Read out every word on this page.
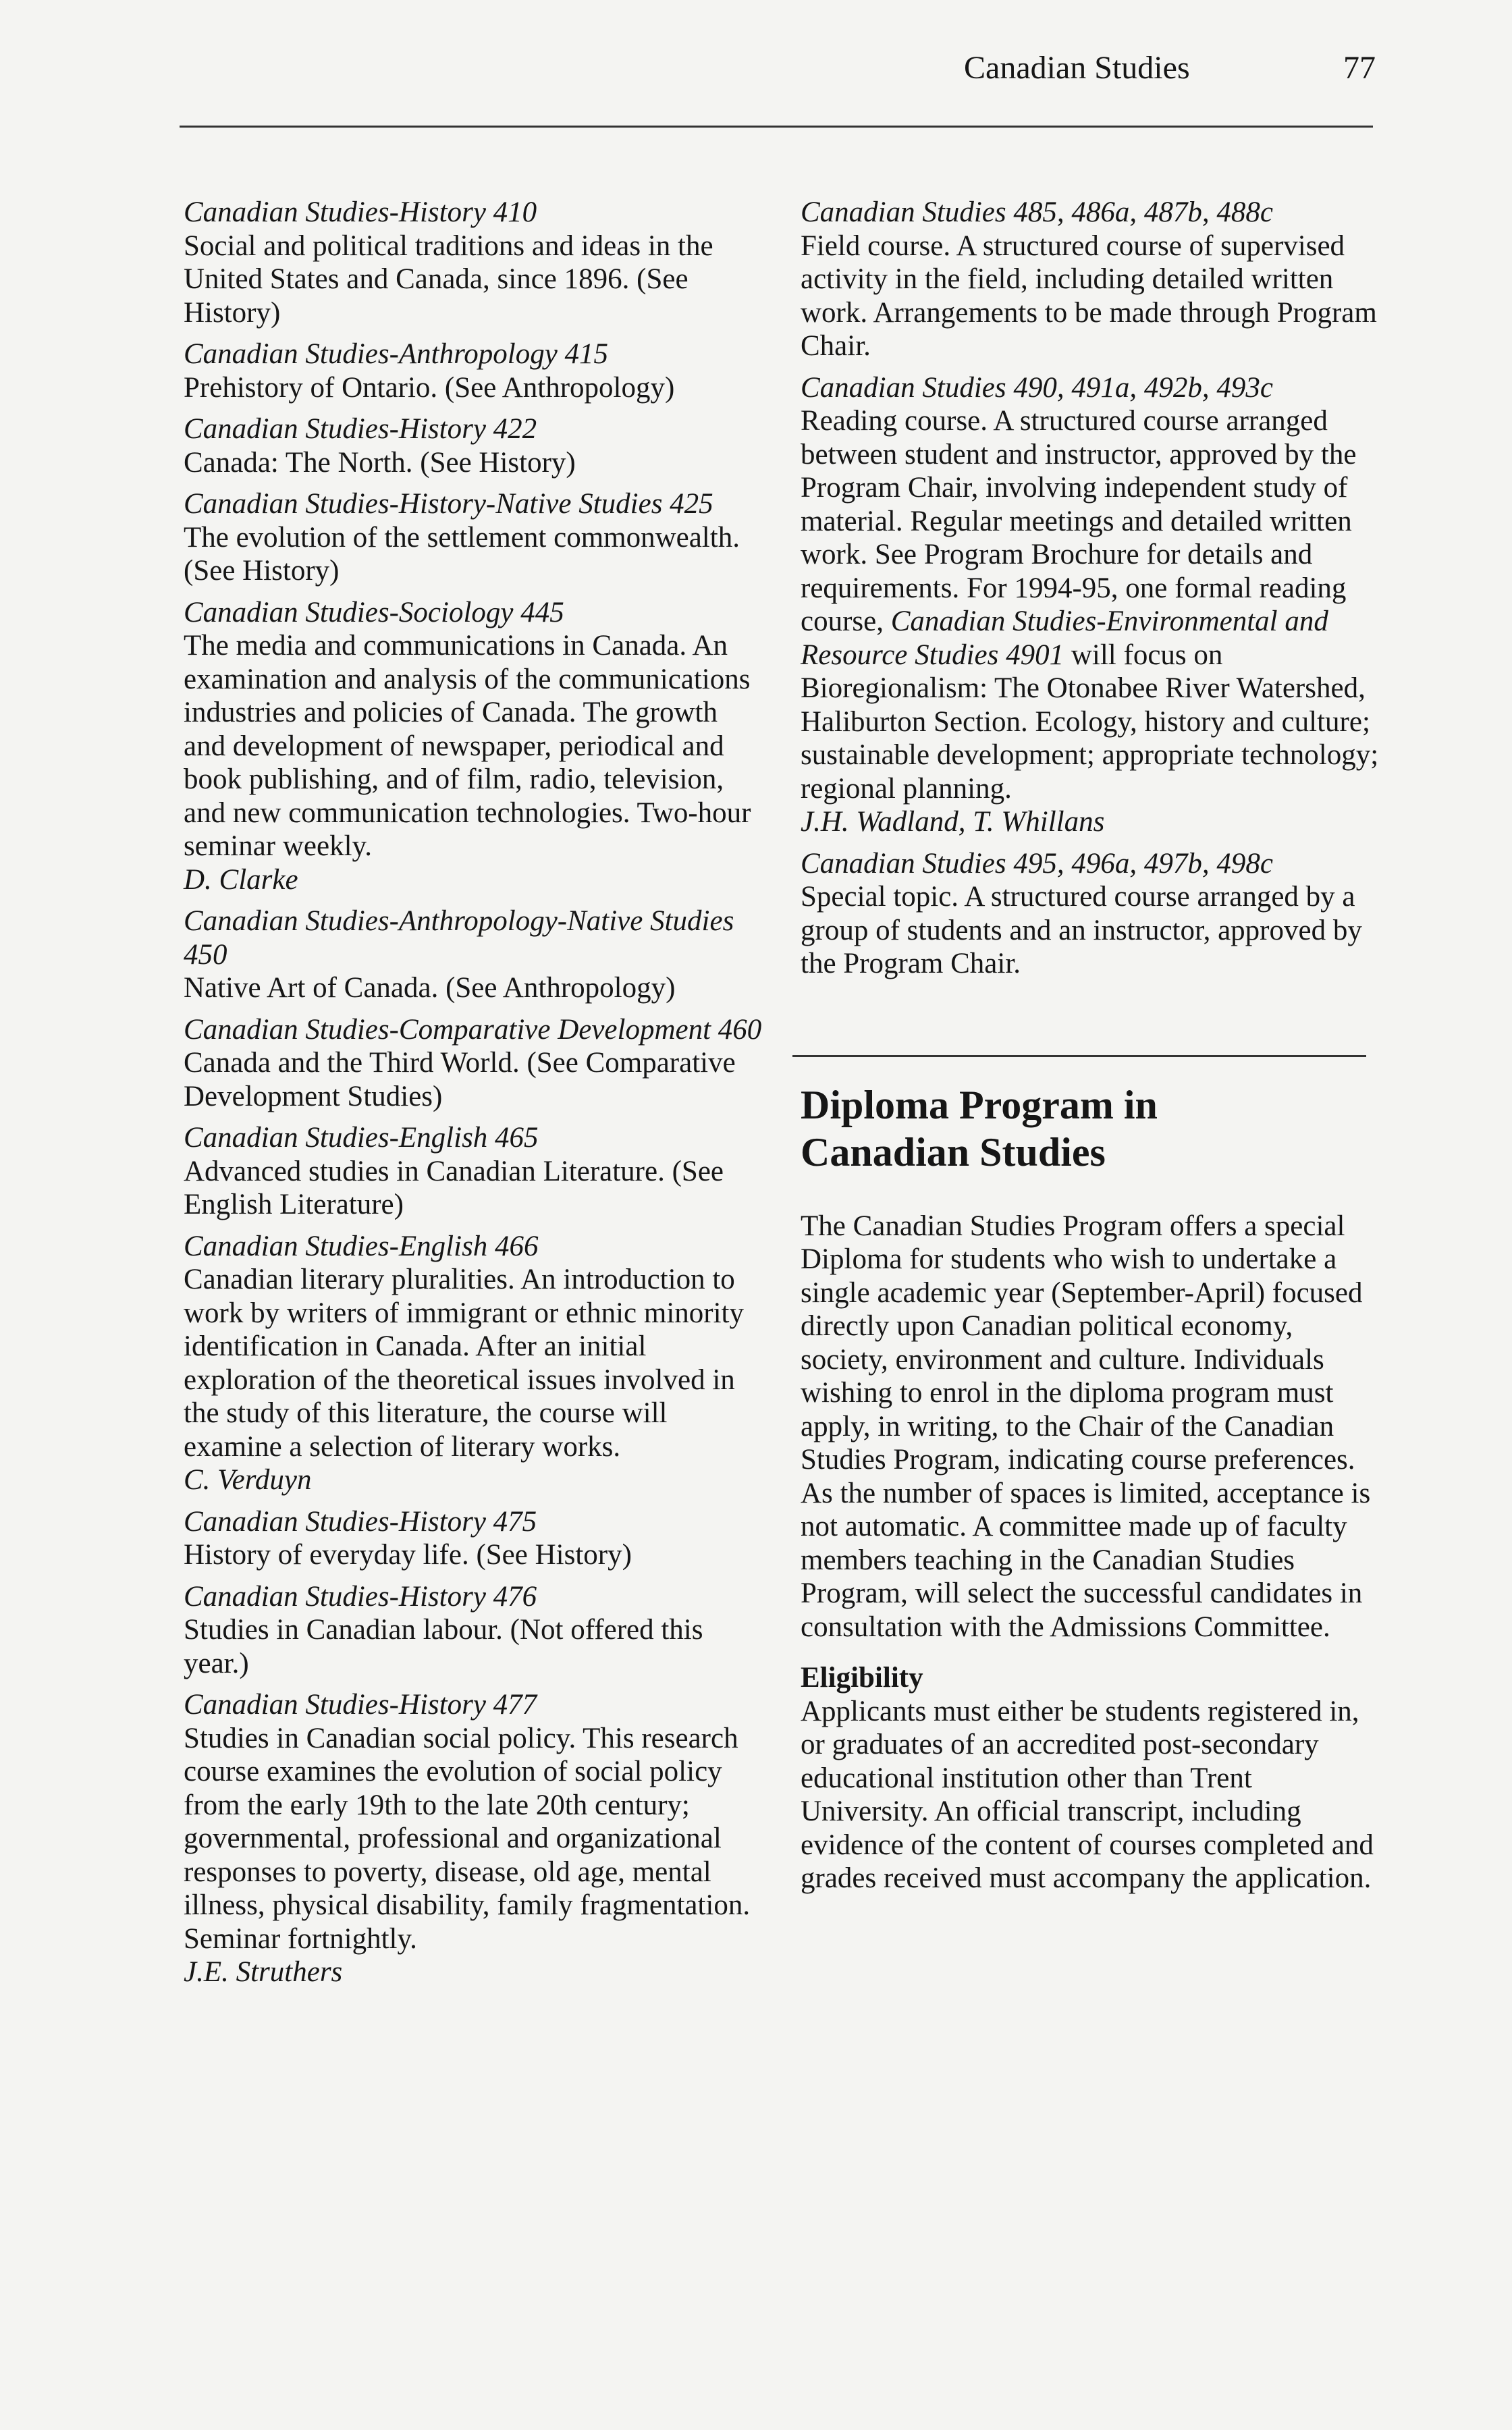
Canadian Studies	77
Canadian Studies-History 410
Social and political traditions and ideas in the United States and Canada, since 1896. (See History)
Canadian Studies-Anthropology 415
Prehistory of Ontario. (See Anthropology)
Canadian Studies-History 422
Canada: The North. (See History)
Canadian Studies-History-Native Studies 425
The evolution of the settlement commonwealth. (See History)
Canadian Studies-Sociology 445
The media and communications in Canada. An examination and analysis of the communications industries and policies of Canada. The growth and development of newspaper, periodical and book publishing, and of film, radio, television, and new communication technologies. Two-hour seminar weekly.
D. Clarke
Canadian Studies-Anthropology-Native Studies 450
Native Art of Canada. (See Anthropology)
Canadian Studies-Comparative Development 460
Canada and the Third World. (See Comparative Development Studies)
Canadian Studies-English 465
Advanced studies in Canadian Literature. (See English Literature)
Canadian Studies-English 466
Canadian literary pluralities. An introduction to work by writers of immigrant or ethnic minority identification in Canada. After an initial exploration of the theoretical issues involved in the study of this literature, the course will examine a selection of literary works.
C. Verduyn
Canadian Studies-History 475
History of everyday life. (See History)
Canadian Studies-History 476
Studies in Canadian labour. (Not offered this year.)
Canadian Studies-History 477
Studies in Canadian social policy. This research course examines the evolution of social policy from the early 19th to the late 20th century; governmental, professional and organizational responses to poverty, disease, old age, mental illness, physical disability, family fragmentation. Seminar fortnightly.
J.E. Struthers
Canadian Studies 485, 486a, 487b, 488c
Field course. A structured course of supervised activity in the field, including detailed written work. Arrangements to be made through Program Chair.
Canadian Studies 490, 491a, 492b, 493c
Reading course. A structured course arranged between student and instructor, approved by the Program Chair, involving independent study of material. Regular meetings and detailed written work. See Program Brochure for details and requirements. For 1994-95, one formal reading course, Canadian Studies-Environmental and Resource Studies 4901 will focus on Bioregionalism: The Otonabee River Watershed, Haliburton Section. Ecology, history and culture; sustainable development; appropriate technology; regional planning.
J.H. Wadland, T. Whillans
Canadian Studies 495, 496a, 497b, 498c
Special topic. A structured course arranged by a group of students and an instructor, approved by the Program Chair.
Diploma Program in Canadian Studies
The Canadian Studies Program offers a special Diploma for students who wish to undertake a single academic year (September-April) focused directly upon Canadian political economy, society, environment and culture. Individuals wishing to enrol in the diploma program must apply, in writing, to the Chair of the Canadian Studies Program, indicating course preferences. As the number of spaces is limited, acceptance is not automatic. A committee made up of faculty members teaching in the Canadian Studies Program, will select the successful candidates in consultation with the Admissions Committee.
Eligibility
Applicants must either be students registered in, or graduates of an accredited post-secondary educational institution other than Trent University. An official transcript, including evidence of the content of courses completed and grades received must accompany the application.
